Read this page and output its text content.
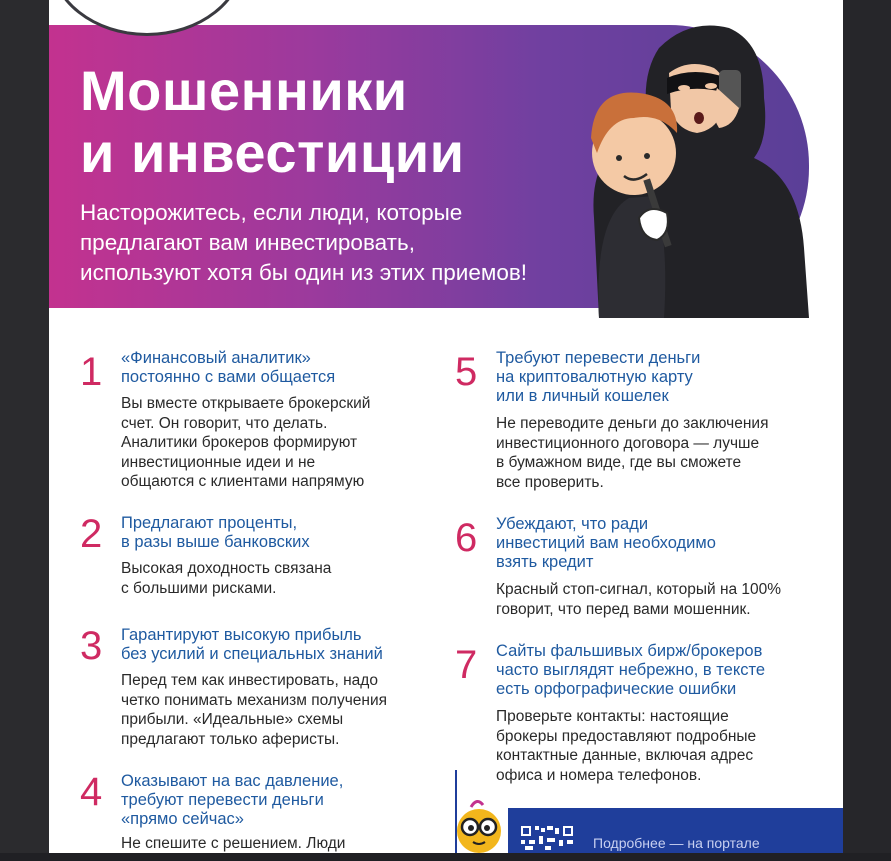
Мошенники
и инвестиции

Насторожитесь, если люди, которые
предлагают вам инвестировать,
используют хотя бы один из этих приемов!

1 «Финансовый аналитик»
постоянно с вами общается
Вы вместе открываете брокерский
счет. Он говорит, что делать.
Аналитики брокеров формируют
инвестиционные идеи и не
общаются с клиентами напрямую
2 Предлагают проценты,
в разы выше банковских
Высокая доходность связана
с большими рисками.
3 Гарантируют высокую прибыль
без усилий и специальных знаний
Перед тем как инвестировать, надо
четко понимать механизм получения
прибыли. «Идеальные» схемы
предлагают только аферисты.
4 Оказывают на вас давление,
требуют перевести деньги
«прямо сейчас»
Не спешите с решением. Люди
5 Требуют перевести деньги
на криптовалютную карту
или в личный кошелек
Не переводите деньги до заключения
инвестиционного договора — лучше
в бумажном виде, где вы сможете
все проверить.
6 Убеждают, что ради
инвестиций вам необходимо
взять кредит
Красный стоп-сигнал, который на 100%
говорит, что перед вами мошенник.
7 Сайты фальшивых бирж/брокеров
часто выглядят небрежно, в тексте
есть орфографические ошибки
Проверьте контакты: настоящие
брокеры предоставляют подробные
контактные данные, включая адрес
офиса и номера телефонов.
Подробнее — на портале
